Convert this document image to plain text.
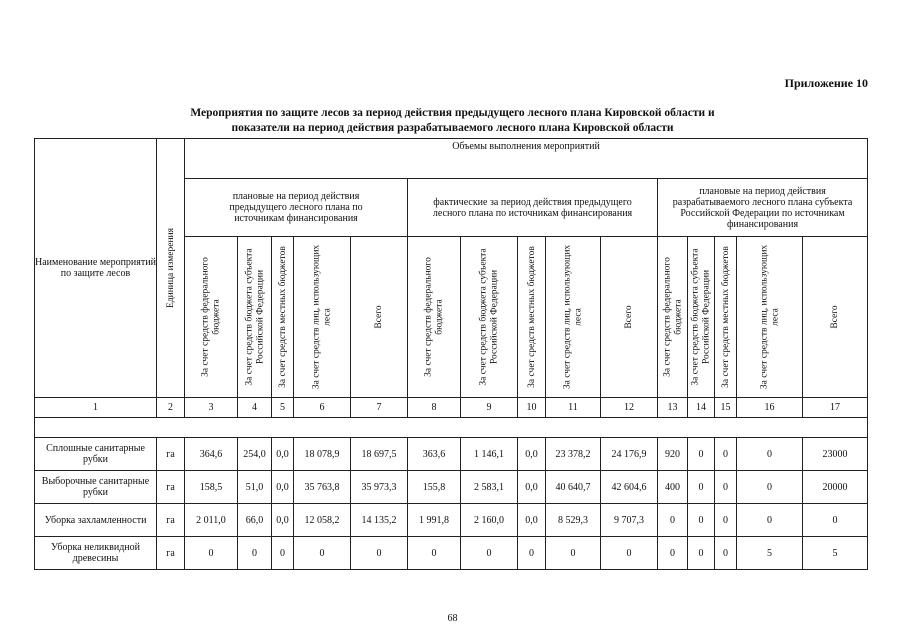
Приложение 10
Мероприятия по защите лесов за период действия предыдущего лесного плана Кировской области и
показатели на период действия разрабатываемого лесного плана Кировской области
Наименование мероприятий по защите лесов	Единица измерения	Объемы выполнения мероприятий														

		плановые на период действия предыдущего лесного плана по источникам финансирования					фактические за период действия предыдущего лесного плана по источникам финансирования					плановые на период действия разрабатываемого лесного плана субъекта Российской Федерации по источникам финансирования				

		За счет средств федерального бюджета	За счет средств бюджета субъекта Российской Федерации	За счет средств местных бюджетов	За счет средств лиц, использующих леса	Всего	За счет средств федерального бюджета	За счет средств бюджета субъекта Российской Федерации	За счет средств местных бюджетов	За счет средств лиц, использующих леса	Всего	За счет средств федерального бюджета	За счет средств бюджета субъекта Российской Федерации	За счет средств местных бюджетов	За счет средств лиц, использующих леса	Всего

1	2	3	4	5	6	7	8	9	10	11	12	13	14	15	16	17

Сплошные санитарные рубки	га	364,6	254,0	0,0	18 078,9	18 697,5	363,6	1 146,1	0,0	23 378,2	24 176,9	920	0	0	0	23000
Выборочные санитарные рубки	га	158,5	51,0	0,0	35 763,8	35 973,3	155,8	2 583,1	0,0	40 640,7	42 604,6	400	0	0	0	20000
Уборка захламленности	га	2 011,0	66,0	0,0	12 058,2	14 135,2	1 991,8	2 160,0	0,0	8 529,3	9 707,3	0	0	0	0	0
Уборка неликвидной древесины	га	0	0	0	0	0	0	0	0	0	0	0	0	0	5	5
68
